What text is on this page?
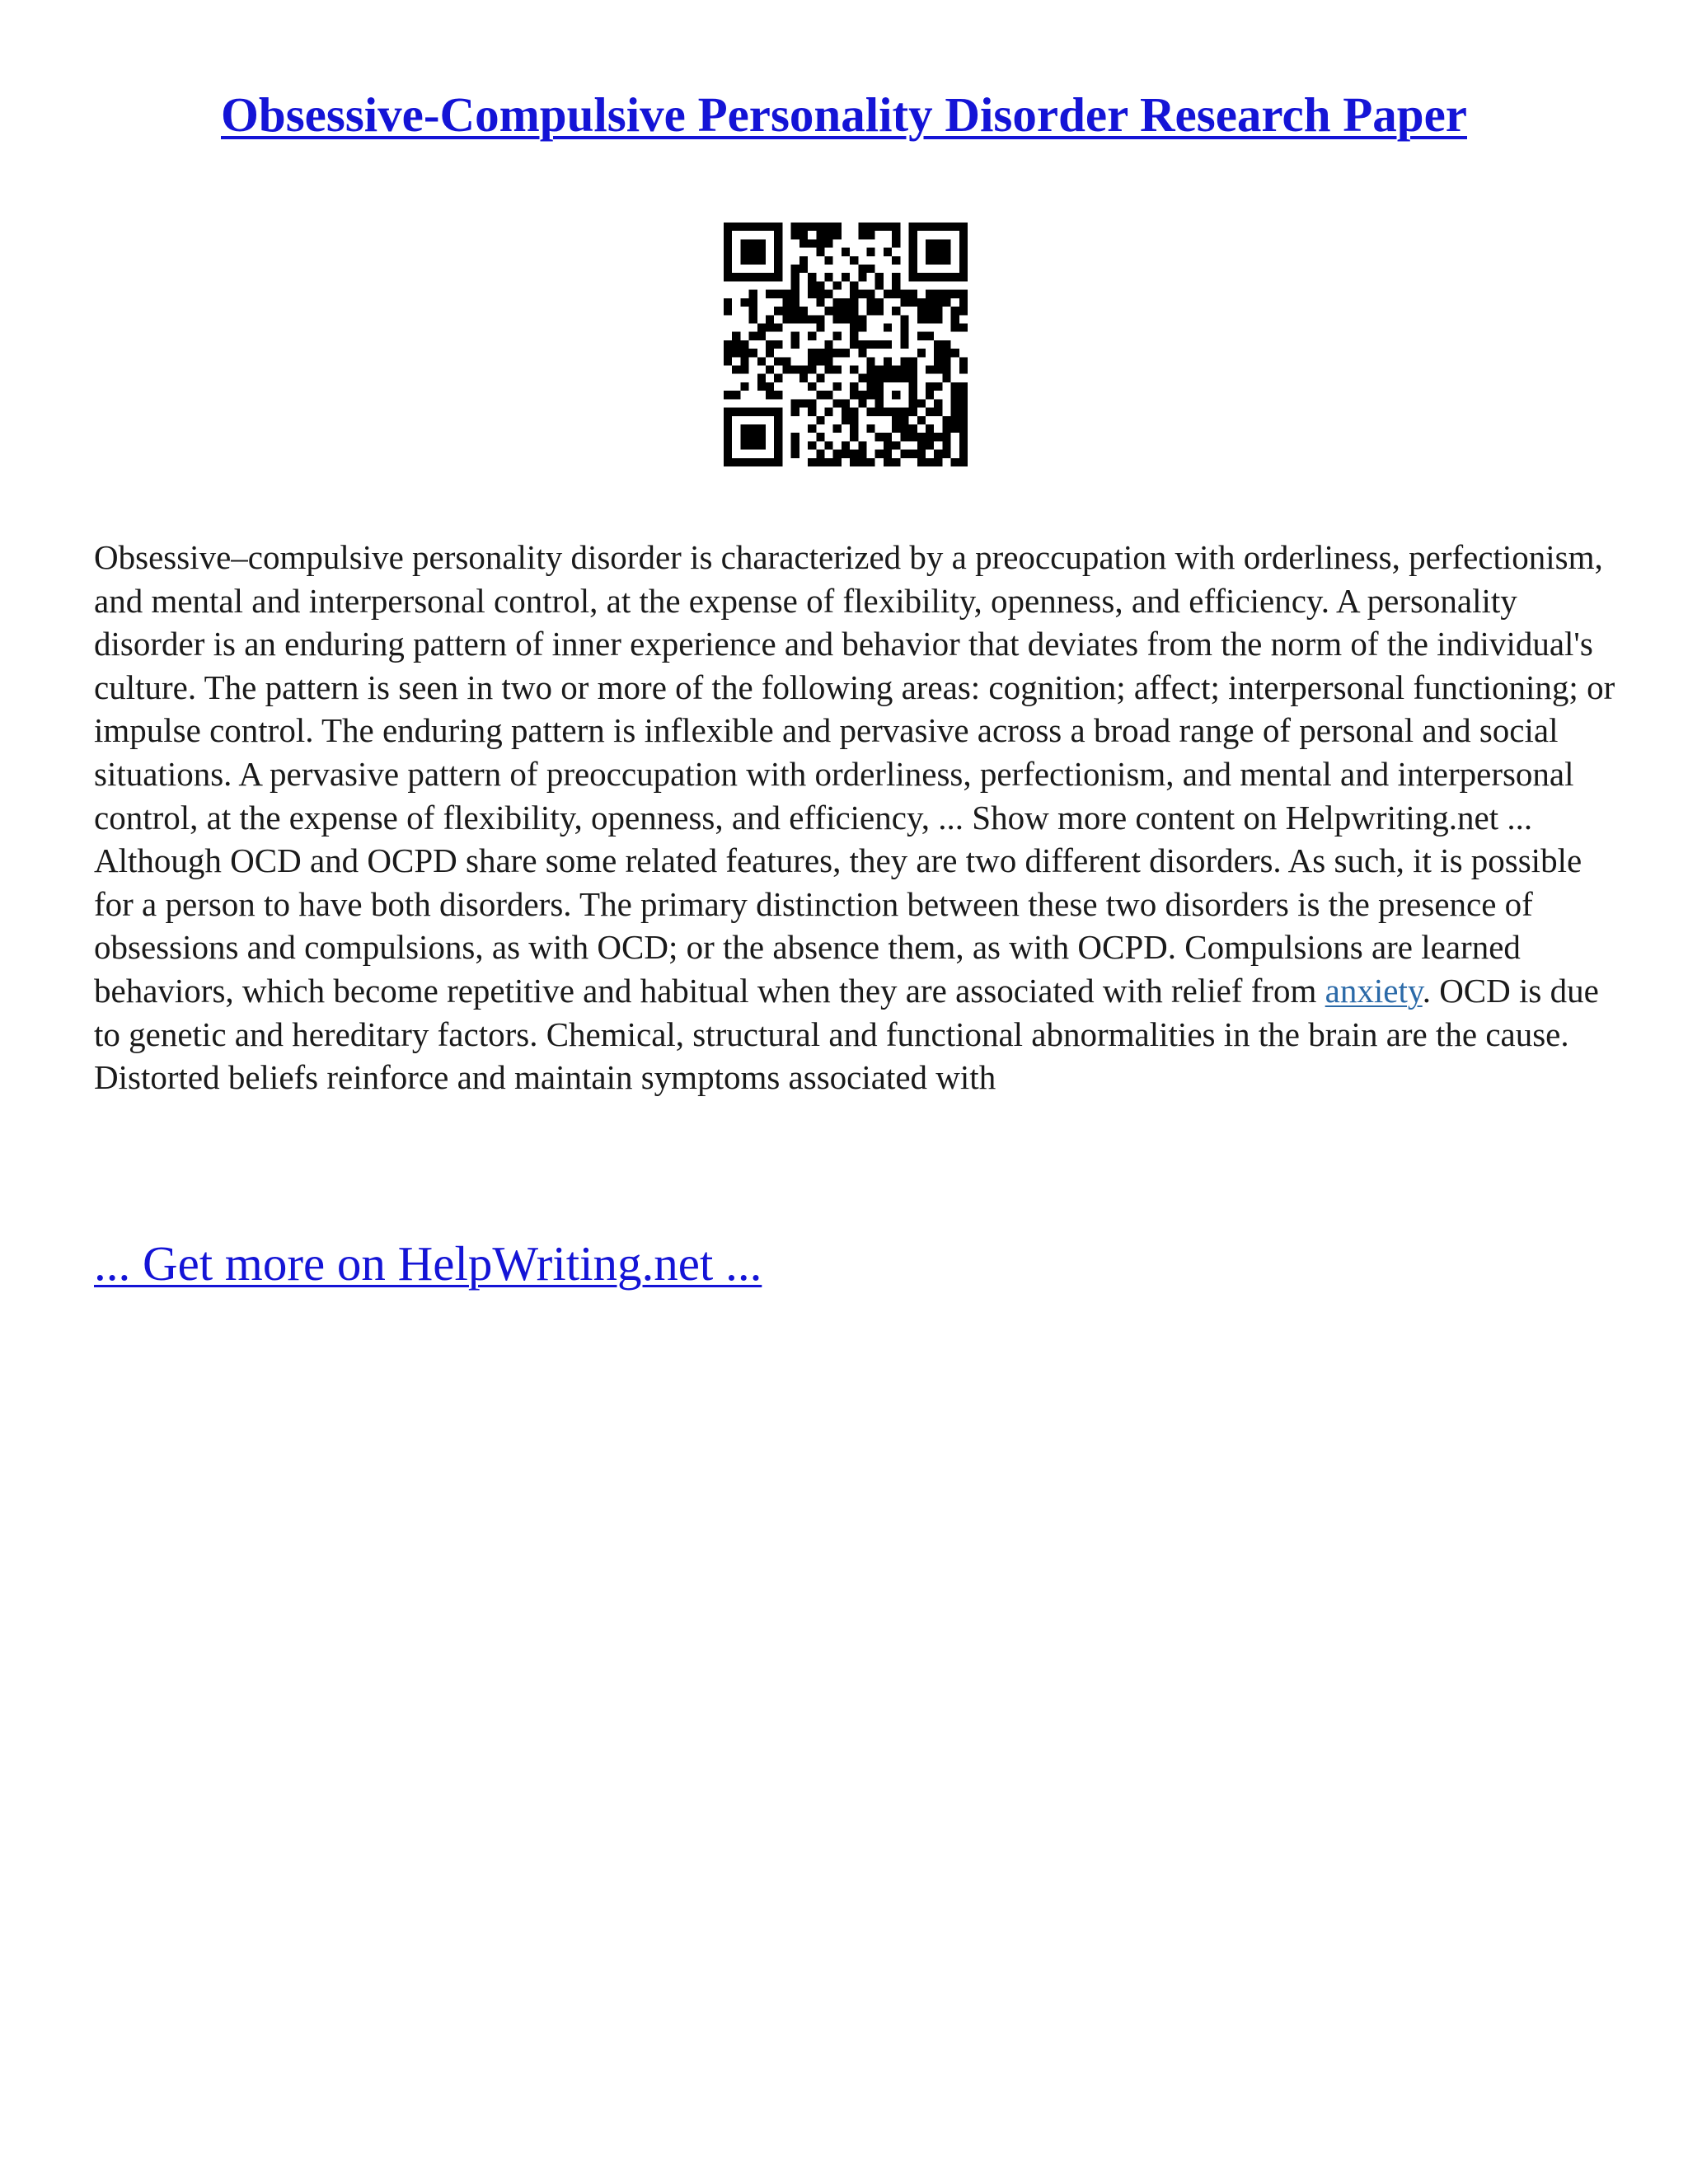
Obsessive-Compulsive Personality Disorder Research Paper

Obsessive–compulsive personality disorder is characterized by a preoccupation with orderliness, perfectionism, and mental and interpersonal control, at the expense of flexibility, openness, and efficiency. A personality disorder is an enduring pattern of inner experience and behavior that deviates from the norm of the individual's culture. The pattern is seen in two or more of the following areas: cognition; affect; interpersonal functioning; or impulse control. The enduring pattern is inflexible and pervasive across a broad range of personal and social situations. A pervasive pattern of preoccupation with orderliness, perfectionism, and mental and interpersonal control, at the expense of flexibility, openness, and efficiency, ... Show more content on Helpwriting.net ... Although OCD and OCPD share some related features, they are two different disorders. As such, it is possible for a person to have both disorders. The primary distinction between these two disorders is the presence of obsessions and compulsions, as with OCD; or the absence them, as with OCPD. Compulsions are learned behaviors, which become repetitive and habitual when they are associated with relief from anxiety. OCD is due to genetic and hereditary factors. Chemical, structural and functional abnormalities in the brain are the cause. Distorted beliefs reinforce and maintain symptoms associated with

... Get more on HelpWriting.net ...
